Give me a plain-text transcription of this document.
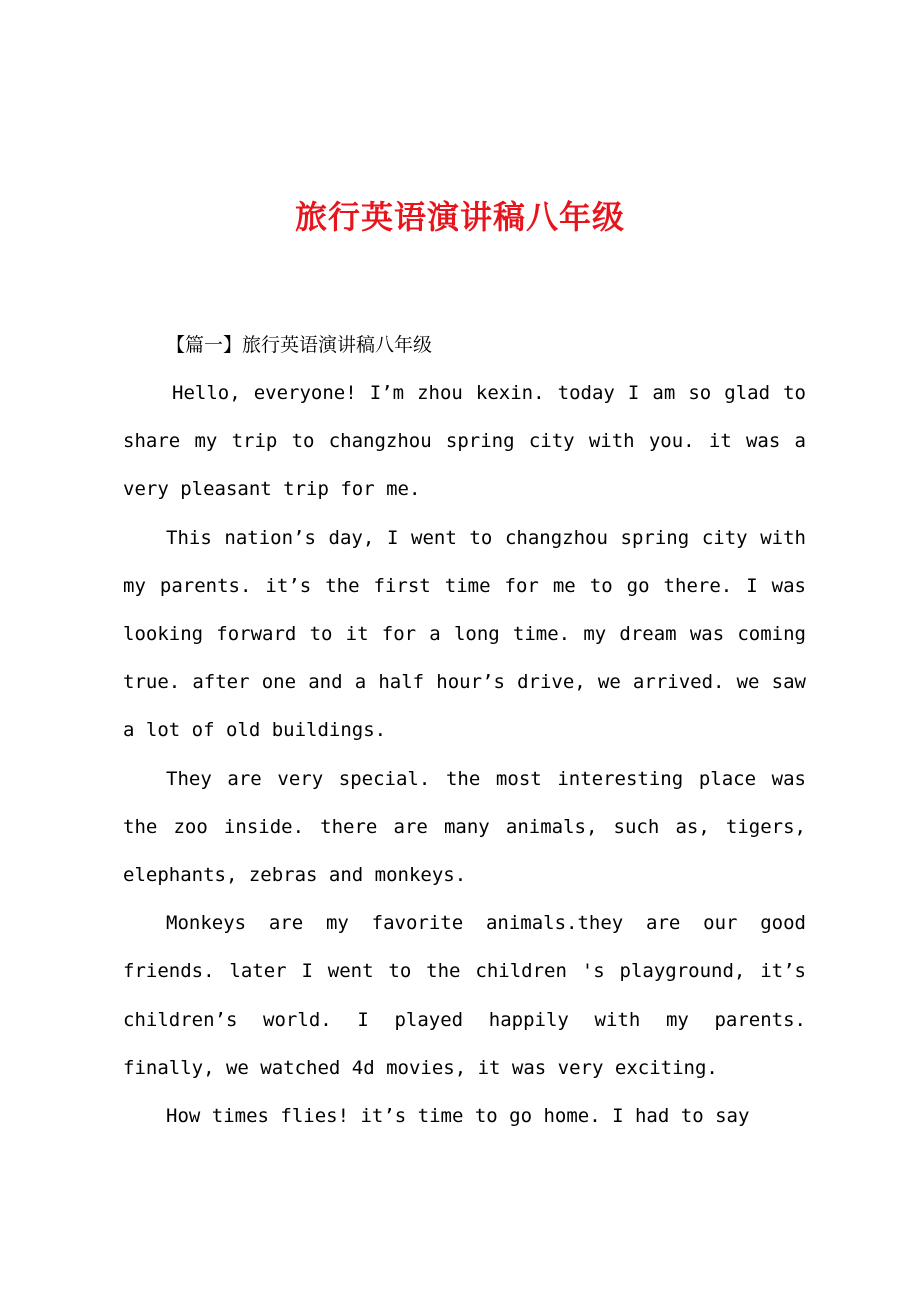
旅行英语演讲稿八年级

【篇一】旅行英语演讲稿八年级

Hello, everyone! I’m zhou kexin. today I am so glad to share my trip to changzhou spring city with you. it was a very pleasant trip for me.

This nation’s day, I went to changzhou spring city with my parents. it’s the first time for me to go there. I was looking forward to it for a long time. my dream was coming true. after one and a half hour’s drive, we arrived. we saw a lot of old buildings.

They are very special. the most interesting place was the zoo inside. there are many animals, such as, tigers, elephants, zebras and monkeys.

Monkeys are my favorite animals.they are our good friends. later I went to the children 's playground, it’s children’s world. I played happily with my parents. finally, we watched 4d movies, it was very exciting.

How times flies! it’s time to go home. I had to say
